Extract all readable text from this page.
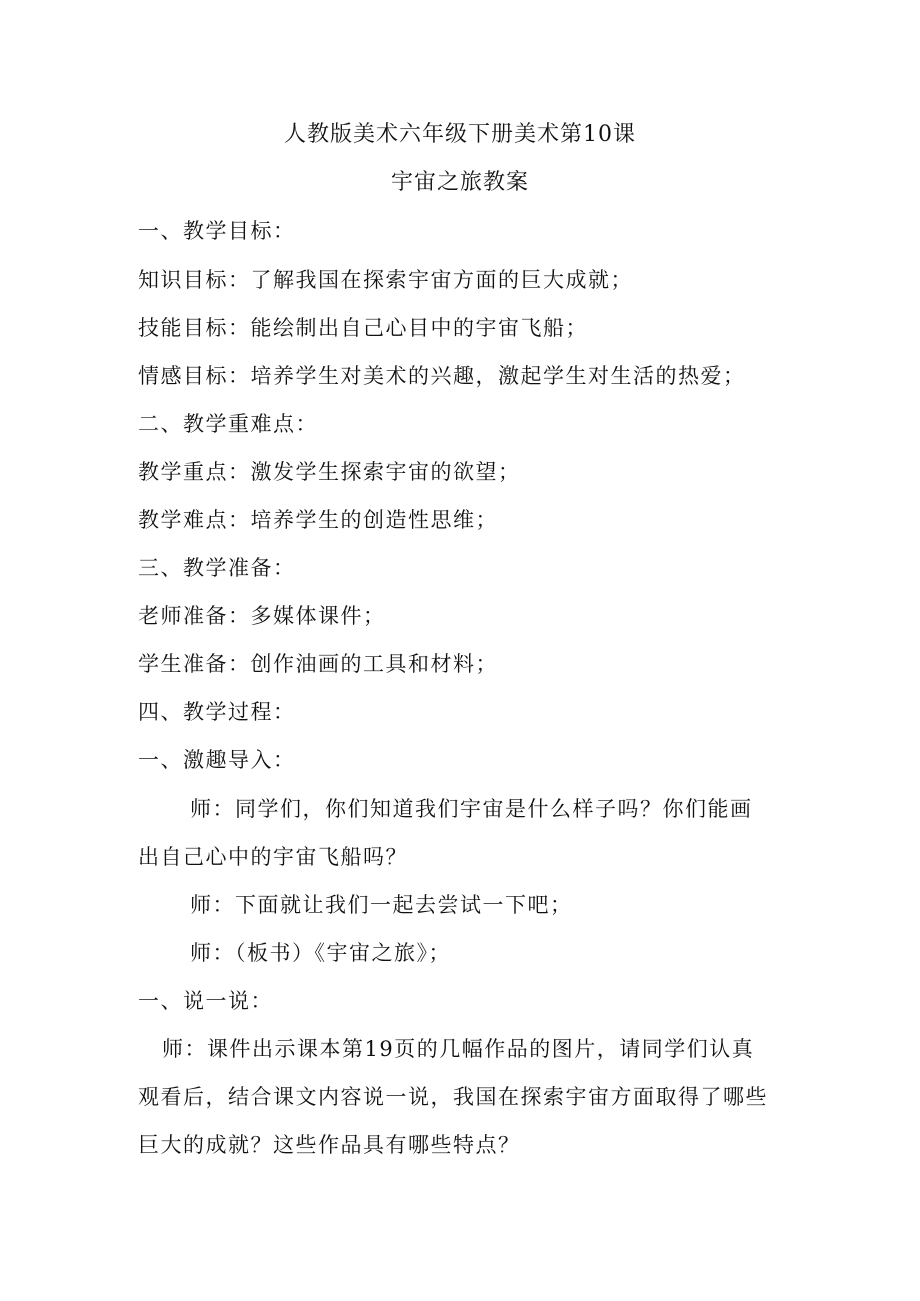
人教版美术六年级下册美术第10课
宇宙之旅教案
一、教学目标：
知识目标：了解我国在探索宇宙方面的巨大成就；
技能目标：能绘制出自己心目中的宇宙飞船；
情感目标：培养学生对美术的兴趣，激起学生对生活的热爱；
二、教学重难点：
教学重点：激发学生探索宇宙的欲望；
教学难点：培养学生的创造性思维；
三、教学准备：
老师准备：多媒体课件；
学生准备：创作油画的工具和材料；
四、教学过程：
一、激趣导入：
师：同学们，你们知道我们宇宙是什么样子吗？你们能画
出自己心中的宇宙飞船吗？
师：下面就让我们一起去尝试一下吧；
师：（板书）《宇宙之旅》；
一、说一说：
师：课件出示课本第19页的几幅作品的图片，请同学们认真
观看后，结合课文内容说一说，我国在探索宇宙方面取得了哪些
巨大的成就？这些作品具有哪些特点？
